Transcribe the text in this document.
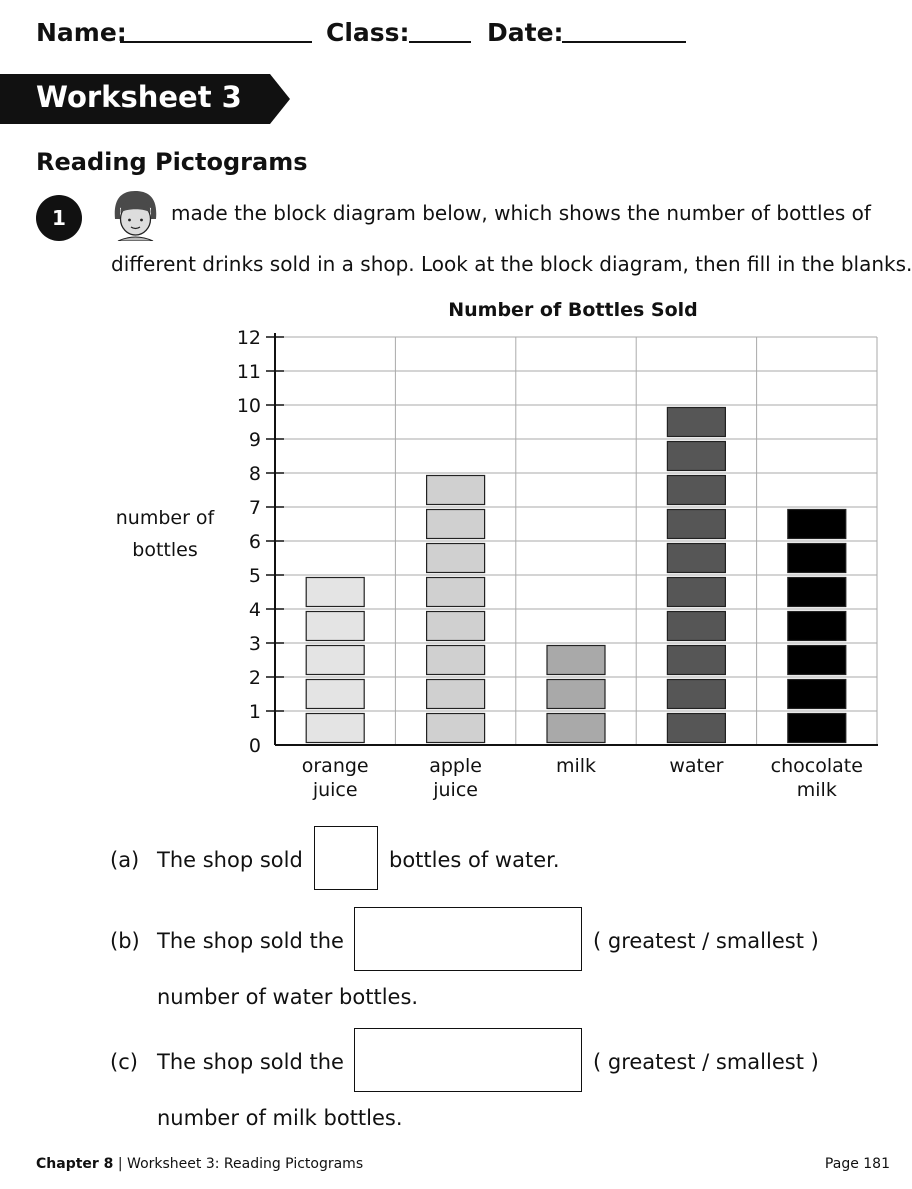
Name:	Class:	Date:
Worksheet 3
Reading Pictograms
1	made the block diagram below, which shows the number of bottles of
different drinks sold in a shop. Look at the block diagram, then fill in the blanks.
Number of Bottles Sold
number of
bottles
0
1
2
3
4
5
6
7
8
9
10
11
12
orange
juice
apple
juice
milk	water chocolate
milk
(a) The shop sold	bottles of water.
(b) The shop sold the	( greatest / smallest )
number of water bottles.
(c) The shop sold the	( greatest / smallest )
number of milk bottles.
Chapter 8 | Worksheet 3: Reading Pictograms	Page 181
